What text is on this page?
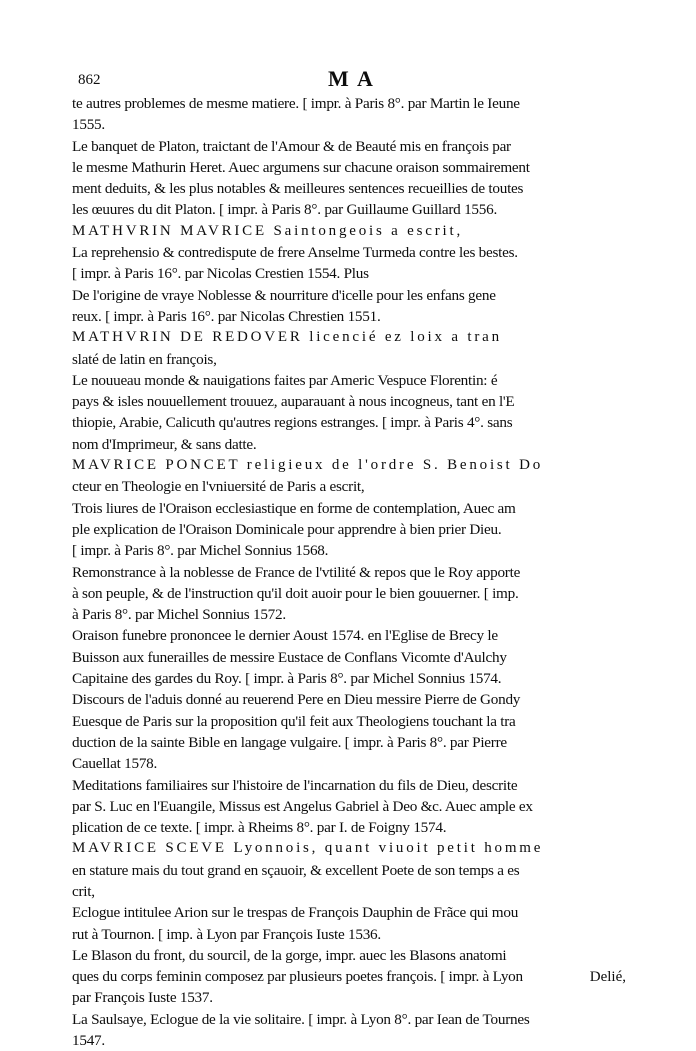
862	M A
te autres problemes de mesme matiere. [ impr. à Paris 8°. par Martin le Ieune
1555.
Le banquet de Platon, traictant de l'Amour & de Beauté mis en françois par
le mesme Mathurin Heret. Auec argumens sur chacune oraison sommairement
ment deduits, & les plus notables & meilleures sentences recueillies de toutes
les œuures du dit Platon. [ impr. à Paris 8°. par Guillaume Guillard 1556.
MATHVRIN MAVRICE Saintongeois a escrit,
La reprehensio & contredispute de frere Anselme Turmeda contre les bestes.
[ impr. à Paris 16°. par Nicolas Crestien 1554. Plus
De l'origine de vraye Noblesse & nourriture d'icelle pour les enfans gene
reux. [ impr. à Paris 16°. par Nicolas Chrestien 1551.
MATHVRIN DE REDOVER licencié ez loix a tran
slaté de latin en françois,
Le nouueau monde & nauigations faites par Americ Vespuce Florentin: é
pays & isles nouuellement trouuez, auparauant à nous incogneus, tant en l'E
thiopie, Arabie, Calicuth qu'autres regions estranges. [ impr. à Paris 4°. sans
nom d'Imprimeur, & sans datte.
MAVRICE PONCET religieux de l'ordre S. Benoist Do
cteur en Theologie en l'vniuersité de Paris a escrit,
Trois liures de l'Oraison ecclesiastique en forme de contemplation, Auec am
ple explication de l'Oraison Dominicale pour apprendre à bien prier Dieu.
[ impr. à Paris 8°. par Michel Sonnius 1568.
Remonstrance à la noblesse de France de l'vtilité & repos que le Roy apporte
à son peuple, & de l'instruction qu'il doit auoir pour le bien gouuerner. [ imp.
à Paris 8°. par Michel Sonnius 1572.
Oraison funebre prononcee le dernier Aoust 1574. en l'Eglise de Brecy le
Buisson aux funerailles de messire Eustace de Conflans Vicomte d'Aulchy
Capitaine des gardes du Roy. [ impr. à Paris 8°. par Michel Sonnius 1574.
Discours de l'aduis donné au reuerend Pere en Dieu messire Pierre de Gondy
Euesque de Paris sur la proposition qu'il feit aux Theologiens touchant la tra
duction de la sainte Bible en langage vulgaire. [ impr. à Paris 8°. par Pierre
Cauellat 1578.
Meditations familiaires sur l'histoire de l'incarnation du fils de Dieu, descrite
par S. Luc en l'Euangile, Missus est Angelus Gabriel à Deo &c. Auec ample ex
plication de ce texte. [ impr. à Rheims 8°. par I. de Foigny 1574.
MAVRICE SCEVE Lyonnois, quant viuoit petit homme
en stature mais du tout grand en sçauoir, & excellent Poete de son temps a es
crit,
Eclogue intitulee Arion sur le trespas de François Dauphin de Frãce qui mou
rut à Tournon. [ imp. à Lyon par François Iuste 1536.
Le Blason du front, du sourcil, de la gorge, impr. auec les Blasons anatomi
ques du corps feminin composez par plusieurs poetes françois. [ impr. à Lyon
par François Iuste 1537.
La Saulsaye, Eclogue de la vie solitaire. [ impr. à Lyon 8°. par Iean de Tournes
1547.
Delié,
